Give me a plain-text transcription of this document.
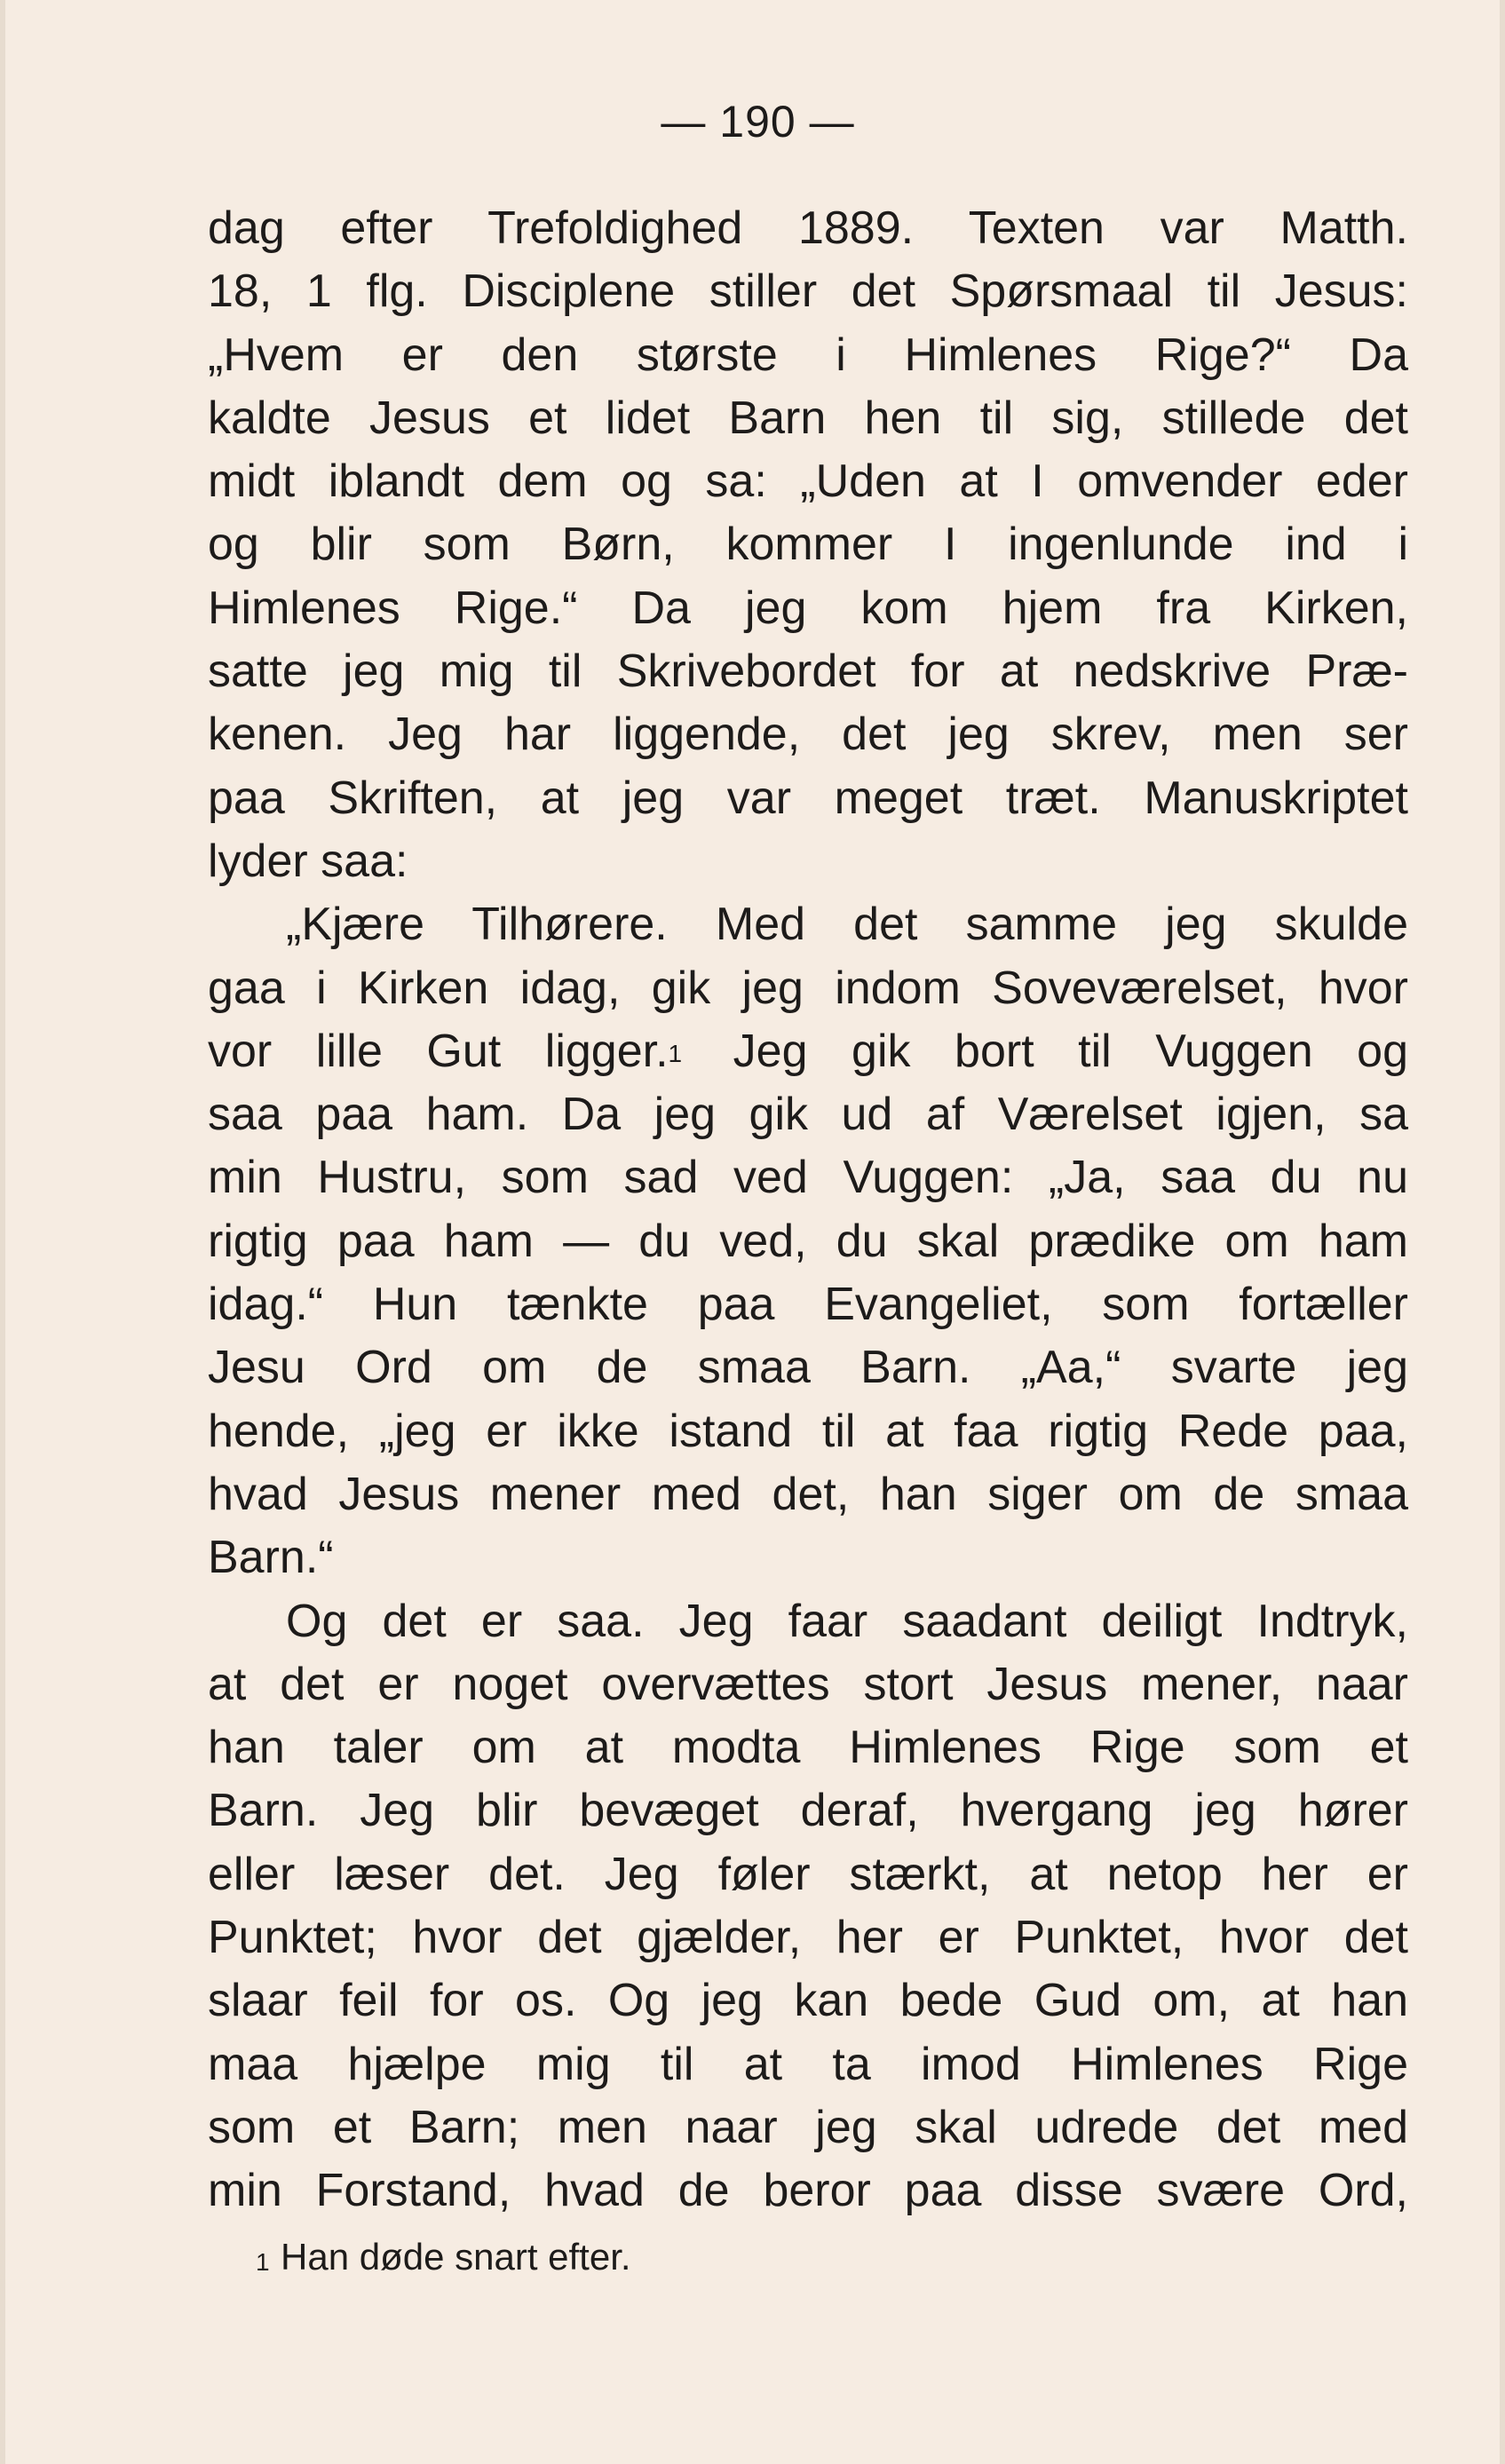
— 190 —
dag efter Trefoldighed 1889. Texten var Matth.
18, 1 flg. Disciplene stiller det Spørsmaal til Jesus:
„Hvem er den største i Himlenes Rige?“ Da
kaldte Jesus et lidet Barn hen til sig, stillede det
midt iblandt dem og sa: „Uden at I omvender eder
og blir som Børn, kommer I ingenlunde ind i
Himlenes Rige.“ Da jeg kom hjem fra Kirken,
satte jeg mig til Skrivebordet for at nedskrive Præ-
kenen. Jeg har liggende, det jeg skrev, men ser
paa Skriften, at jeg var meget træt. Manuskriptet
lyder saa:
„Kjære Tilhørere. Med det samme jeg skulde
gaa i Kirken idag, gik jeg indom Soveværelset, hvor
vor lille Gut ligger.$^1$ Jeg gik bort til Vuggen og
saa paa ham. Da jeg gik ud af Værelset igjen, sa
min Hustru, som sad ved Vuggen: „Ja, saa du nu
rigtig paa ham — du ved, du skal prædike om ham
idag.“ Hun tænkte paa Evangeliet, som fortæller
Jesu Ord om de smaa Barn. „Aa,“ svarte jeg
hende, „jeg er ikke istand til at faa rigtig Rede paa,
hvad Jesus mener med det, han siger om de smaa
Barn.“
Og det er saa. Jeg faar saadant deiligt Indtryk,
at det er noget overvættes stort Jesus mener, naar
han taler om at modta Himlenes Rige som et
Barn. Jeg blir bevæget deraf, hvergang jeg hører
eller læser det. Jeg føler stærkt, at netop her er
Punktet; hvor det gjælder, her er Punktet, hvor det
slaar feil for os. Og jeg kan bede Gud om, at han
maa hjælpe mig til at ta imod Himlenes Rige
som et Barn; men naar jeg skal udrede det med
min Forstand, hvad de beror paa disse svære Ord,
1 Han døde snart efter.
